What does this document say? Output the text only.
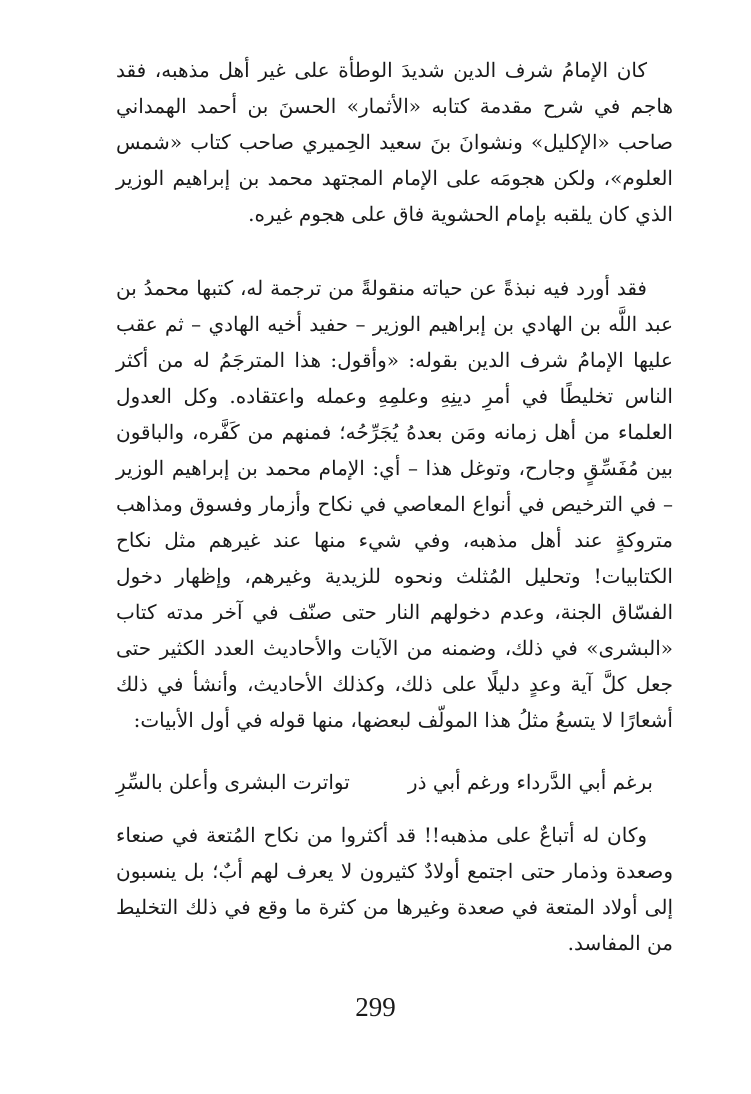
كان الإمامُ شرف الدين شديدَ الوطأة على غير أهل مذهبه، فقد هاجم في شرح مقدمة كتابه «الأثمار» الحسنَ بن أحمد الهمداني صاحب «الإكليل» ونشوانَ بنَ سعيد الحِميري صاحب كتاب «شمس العلوم»، ولكن هجومَه على الإمام المجتهد محمد بن إبراهيم الوزير الذي كان يلقبه بإمام الحشوية فاق على هجوم غيره.

فقد أورد فيه نبذةً عن حياته منقولةً من ترجمة له، كتبها محمدُ بن عبد اللَّه بن الهادي بن إبراهيم الوزير – حفيد أخيه الهادي – ثم عقب عليها الإمامُ شرف الدين بقوله: «وأقول: هذا المترجَمُ له من أكثر الناس تخليطًا في أمرِ دينِهِ وعلمِهِ وعمله واعتقاده. وكل العدول العلماء من أهل زمانه ومَن بعدهُ يُجَرِّحُه؛ فمنهم من كَفَّره، والباقون بين مُفَسِّقٍ وجارح، وتوغل هذا – أي: الإمام محمد بن إبراهيم الوزير – في الترخيص في أنواع المعاصي في نكاح وأزمار وفسوق ومذاهب متروكةٍ عند أهل مذهبه، وفي شيء منها عند غيرهم مثل نكاح الكتابيات! وتحليل المُثلث ونحوه للزيدية وغيرهم، وإظهار دخول الفسّاق الجنة، وعدم دخولهم النار حتى صنّف في آخر مدته كتاب «البشرى» في ذلك، وضمنه من الآيات والأحاديث العدد الكثير حتى جعل كلَّ آية وعدٍ دليلًا على ذلك، وكذلك الأحاديث، وأنشأ في ذلك أشعارًا لا يتسعُ مثلُ هذا المولّف لبعضها، منها قوله في أول الأبيات:

برغم أبي الدَّرداء ورغم أبي ذر
تواترت البشرى وأعلن بالسِّرِ

وكان له أتباعٌ على مذهبه!! قد أكثروا من نكاح المُتعة في صنعاء وصعدة وذمار حتى اجتمع أولادٌ كثيرون لا يعرف لهم أبٌ؛ بل ينسبون إلى أولاد المتعة في صعدة وغيرها من كثرة ما وقع في ذلك التخليط من المفاسد.

299
